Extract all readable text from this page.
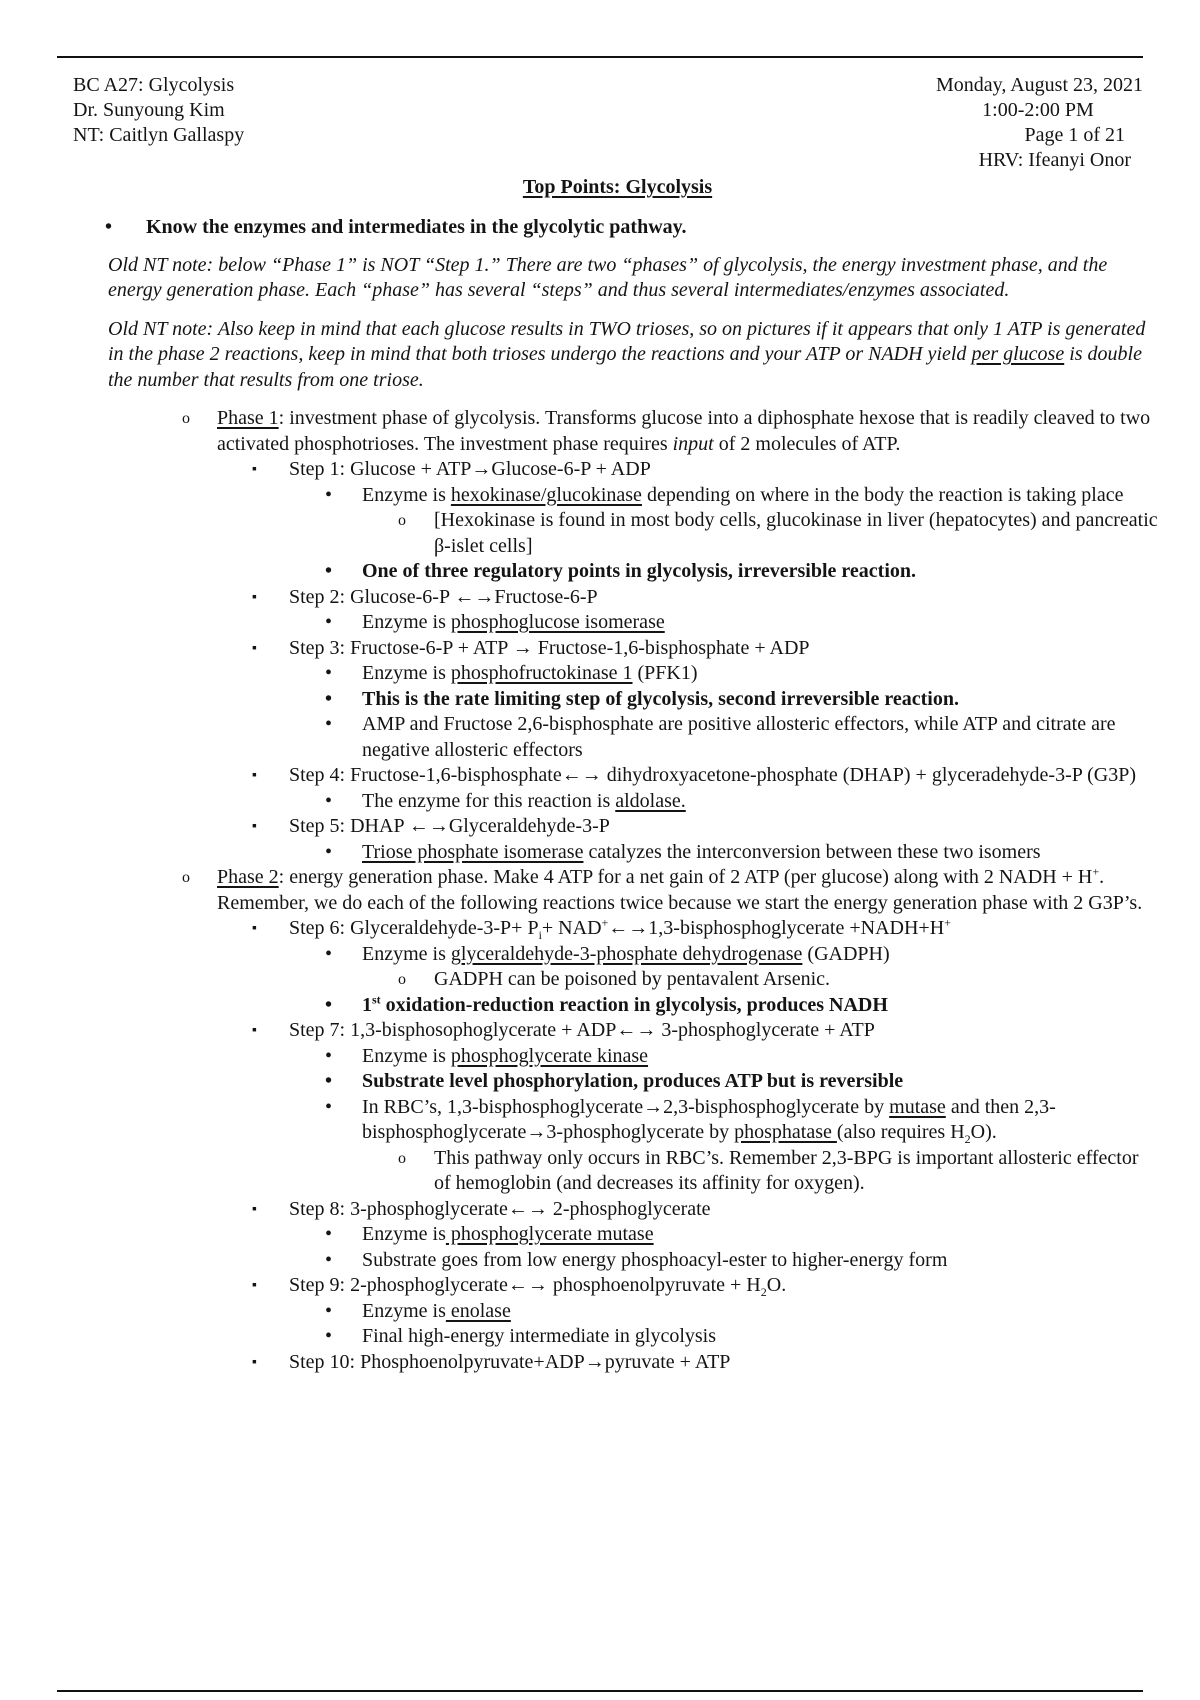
BC A27: Glycolysis
Dr. Sunyoung Kim
NT: Caitlyn Gallaspy
Monday, August 23, 2021
1:00-2:00 PM
Page 1 of 21
HRV: Ifeanyi Onor
Top Points: Glycolysis
• Know the enzymes and intermediates in the glycolytic pathway.
Old NT note: below “Phase 1” is NOT “Step 1.” There are two “phases” of glycolysis, the energy investment phase, and the energy generation phase. Each “phase” has several “steps” and thus several intermediates/enzymes associated.
Old NT note: Also keep in mind that each glucose results in TWO trioses, so on pictures if it appears that only 1 ATP is generated in the phase 2 reactions, keep in mind that both trioses undergo the reactions and your ATP or NADH yield per glucose is double the number that results from one triose.
o Phase 1: investment phase of glycolysis. Transforms glucose into a diphosphate hexose that is readily cleaved to two activated phosphotrioses. The investment phase requires input of 2 molecules of ATP.
▪ Step 1: Glucose + ATP→Glucose-6-P + ADP
• Enzyme is hexokinase/glucokinase depending on where in the body the reaction is taking place
o [Hexokinase is found in most body cells, glucokinase in liver (hepatocytes) and pancreatic β-islet cells]
• One of three regulatory points in glycolysis, irreversible reaction.
▪ Step 2: Glucose-6-P ←→Fructose-6-P
• Enzyme is phosphoglucose isomerase
▪ Step 3: Fructose-6-P + ATP → Fructose-1,6-bisphosphate + ADP
• Enzyme is phosphofructokinase 1 (PFK1)
• This is the rate limiting step of glycolysis, second irreversible reaction.
• AMP and Fructose 2,6-bisphosphate are positive allosteric effectors, while ATP and citrate are negative allosteric effectors
▪ Step 4: Fructose-1,6-bisphosphate←→ dihydroxyacetone-phosphate (DHAP) + glyceradehyde-3-P (G3P)
• The enzyme for this reaction is aldolase.
▪ Step 5: DHAP ←→Glyceraldehyde-3-P
• Triose phosphate isomerase catalyzes the interconversion between these two isomers
o Phase 2: energy generation phase. Make 4 ATP for a net gain of 2 ATP (per glucose) along with 2 NADH + H+. Remember, we do each of the following reactions twice because we start the energy generation phase with 2 G3P’s.
▪ Step 6: Glyceraldehyde-3-P+ $P_i+$ NAD+←→1,3-bisphosphoglycerate +NADH+H+
• Enzyme is glyceraldehyde-3-phosphate dehydrogenase (GADPH)
o GADPH can be poisoned by pentavalent Arsenic.
• 1st oxidation-reduction reaction in glycolysis, produces NADH
▪ Step 7: 1,3-bisphosophoglycerate + ADP←→ 3-phosphoglycerate + ATP
• Enzyme is phosphoglycerate kinase
• Substrate level phosphorylation, produces ATP but is reversible
• In RBC’s, 1,3-bisphosphoglycerate→2,3-bisphosphoglycerate by mutase and then 2,3-bisphosphoglycerate→3-phosphoglycerate by phosphatase (also requires $H_2O$).
o This pathway only occurs in RBC’s. Remember 2,3-BPG is important allosteric effector of hemoglobin (and decreases its affinity for oxygen).
▪ Step 8: 3-phosphoglycerate←→ 2-phosphoglycerate
• Enzyme is phosphoglycerate mutase
• Substrate goes from low energy phosphoacyl-ester to higher-energy form
▪ Step 9: 2-phosphoglycerate←→ phosphoenolpyruvate + $H_2O$.
• Enzyme is enolase
• Final high-energy intermediate in glycolysis
▪ Step 10: Phosphoenolpyruvate+ADP→pyruvate + ATP
